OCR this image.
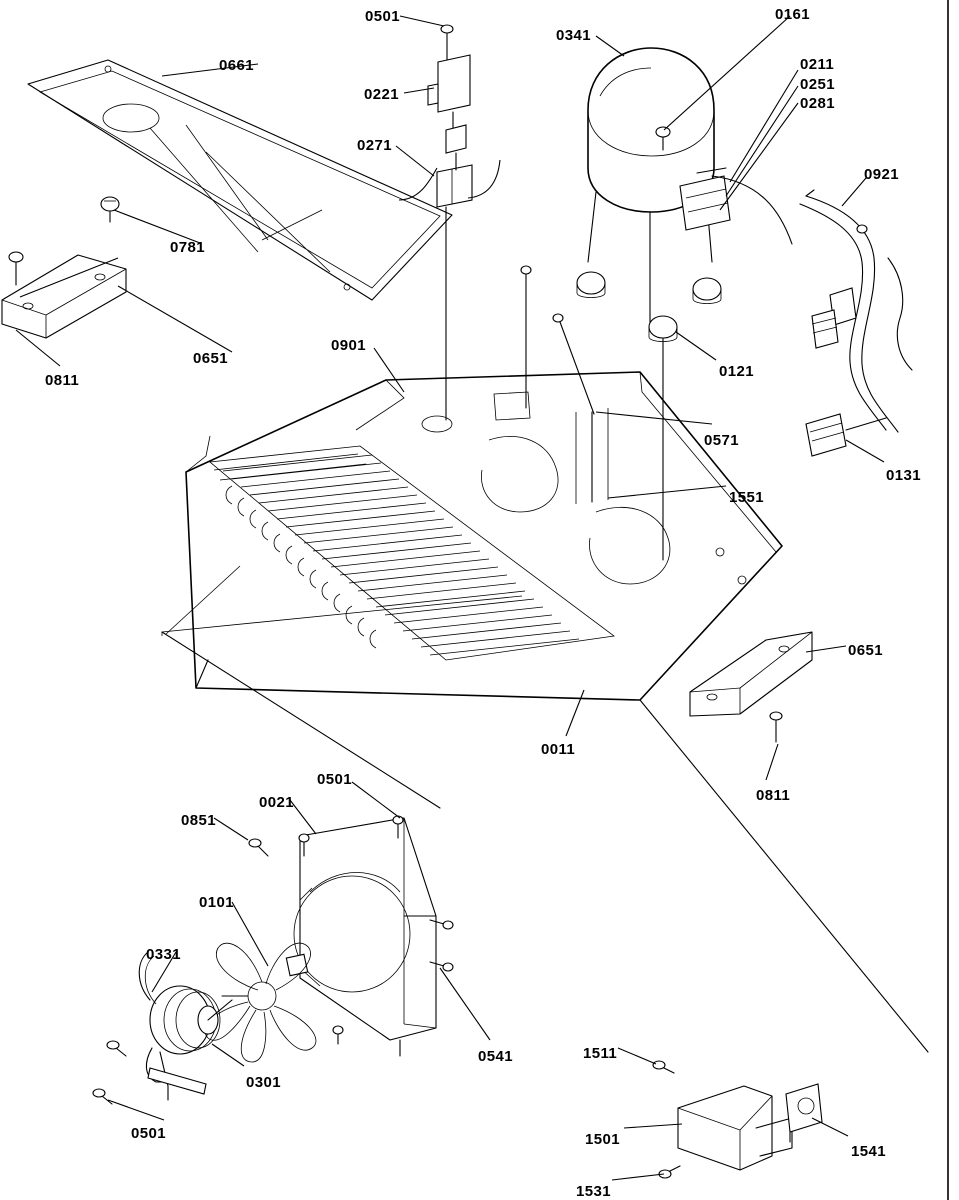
0501	0161
0341
0211
0251
0281
0661
0221
0271
0921
0781
0651
0811
0121
0901
0571
0131
1551
0651
0011
0811
0501
0021
0851
0101
0331
0301
0541
0501
1511
1501
1541
1531
